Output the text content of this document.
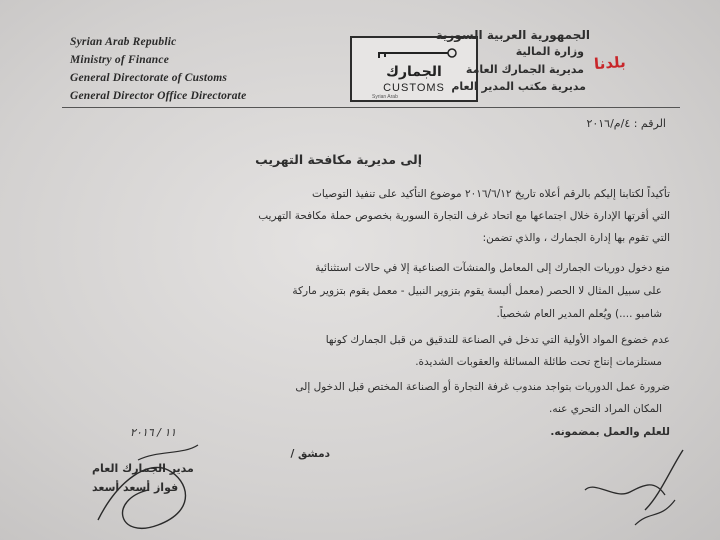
Syrian Arab Republic
Ministry of Finance
General Directorate of Customs
General Director Office Directorate
الجمارك
CUSTOMS
Syrian Arab
الجمهورية العربية السورية
وزارة المالية
مديرية الجمارك العامة
مديرية مكتب المدير العام
بلدنا
الرقم : ٤/م/٢٠١٦
إلى مديرية مكافحة التهريب
تأكيداً لكتابنا إليكم بالرقم أعلاه تاريخ ٢٠١٦/٦/١٢ موضوع التأكيد على تنفيذ التوصيات
التي أقرتها الإدارة خلال اجتماعها مع اتحاد غرف التجارة السورية بخصوص حملة مكافحة التهريب
التي تقوم بها إدارة الجمارك ، والذي تضمن:
منع دخول دوريات الجمارك إلى المعامل والمنشآت الصناعية إلا في حالات استثنائية
على سبيل المثال لا الحصر (معمل ألبسة يقوم بتزوير النبيل - معمل يقوم بتزوير ماركة
شامبو ....) ويُعلم المدير العام شخصياً.
عدم خضوع المواد الأولية التي تدخل في الصناعة للتدقيق من قبل الجمارك كونها
مستلزمات إنتاج تحت طائلة المسائلة والعقوبات الشديدة.
ضرورة عمل الدوريات بتواجد مندوب غرفة التجارة أو الصناعة المختص قبل الدخول إلى
المكان المراد التحري عنه.
للعلم والعمل بمضمونه.
دمشق /
١١ / ٢٠١٦
مدير الجمارك العام
فواز أسعد أسعد
